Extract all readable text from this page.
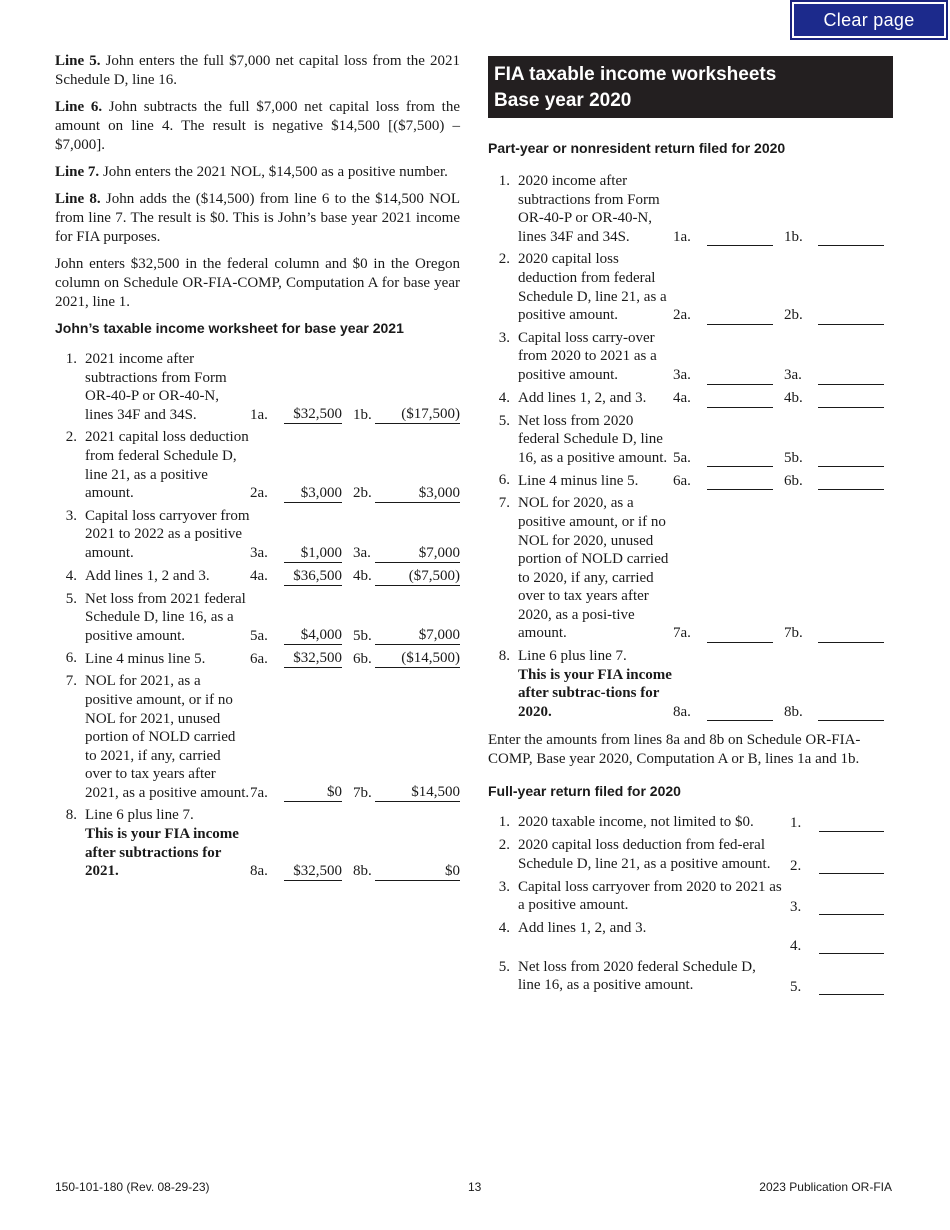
Clear page

Line 5. John enters the full $7,000 net capital loss from the 2021 Schedule D, line 16.

Line 6. John subtracts the full $7,000 net capital loss from the amount on line 4. The result is negative $14,500 [($7,500) – $7,000].

Line 7. John enters the 2021 NOL, $14,500 as a positive number.

Line 8. John adds the ($14,500) from line 6 to the $14,500 NOL from line 7. The result is $0. This is John’s base year 2021 income for FIA purposes.

John enters $32,500 in the federal column and $0 in the Oregon column on Schedule OR-FIA-COMP, Computation A for base year 2021, line 1.

John’s taxable income worksheet for base year 2021
1.	2021 income after subtractions from Form OR-40-P or OR-40-N, lines 34F and 34S.	1a.	$32,500	1b.	($17,500)

2.	2021 capital loss deduction from federal Schedule D, line 21, as a positive amount.	2a.	$3,000	2b.	$3,000

3.	Capital loss carryover from 2021 to 2022 as a positive amount.	3a.	$1,000	3a.	$7,000

4.	Add lines 1, 2 and 3.	4a.	$36,500	4b.	($7,500)

5.	Net loss from 2021 federal Schedule D, line 16, as a positive amount.	5a.	$4,000	5b.	$7,000

6.	Line 4 minus line 5.	6a.	$32,500	6b.	($14,500)

7.	NOL for 2021, as a positive amount, or if no NOL for 2021, unused portion of NOLD carried to 2021, if any, carried over to tax years after 2021, as a positive amount.	7a.	$0	7b.	$14,500

8.	Line 6 plus line 7.
This is your FIA income after subtractions for 2021.	8a.	$32,500	8b.	$0
FIA taxable income worksheets
Base year 2020
Part-year or nonresident return filed for 2020
1.	2020 income after subtractions from Form OR-40-P or OR-40-N, lines 34F and 34S.	1a.		1b.	

2.	2020 capital loss deduction from federal Schedule D, line 21, as a positive amount.	2a.		2b.	

3.	Capital loss carry-over from 2020 to 2021 as a positive amount.	3a.		3a.	

4.	Add lines 1, 2, and 3.	4a.		4b.	

5.	Net loss from 2020 federal Schedule D, line 16, as a positive amount.	5a.		5b.	

6.	Line 4 minus line 5.	6a.		6b.	

7.	NOL for 2020, as a positive amount, or if no NOL for 2020, unused portion of NOLD carried to 2020, if any, carried over to tax years after 2020, as a posi-tive amount.	7a.		7b.	

8.	Line 6 plus line 7.
This is your FIA income after subtrac-tions for 2020.	8a.		8b.	

Enter the amounts from lines 8a and 8b on Schedule OR-FIA-COMP, Base year 2020, Computation A or B, lines 1a and 1b.

Full-year return filed for 2020
1.	2020 taxable income, not limited to $0.	1.	

2.	2020 capital loss deduction from fed-eral Schedule D, line 21, as a positive amount.	2.	

3.	Capital loss carryover from 2020 to 2021 as a positive amount.	3.	

4.	Add lines 1, 2, and 3.	4.	

5.	Net loss from 2020 federal Schedule D, line 16, as a positive amount.	5.	

150-101-180 (Rev. 08-29-23)	13	2023 Publication OR-FIA
